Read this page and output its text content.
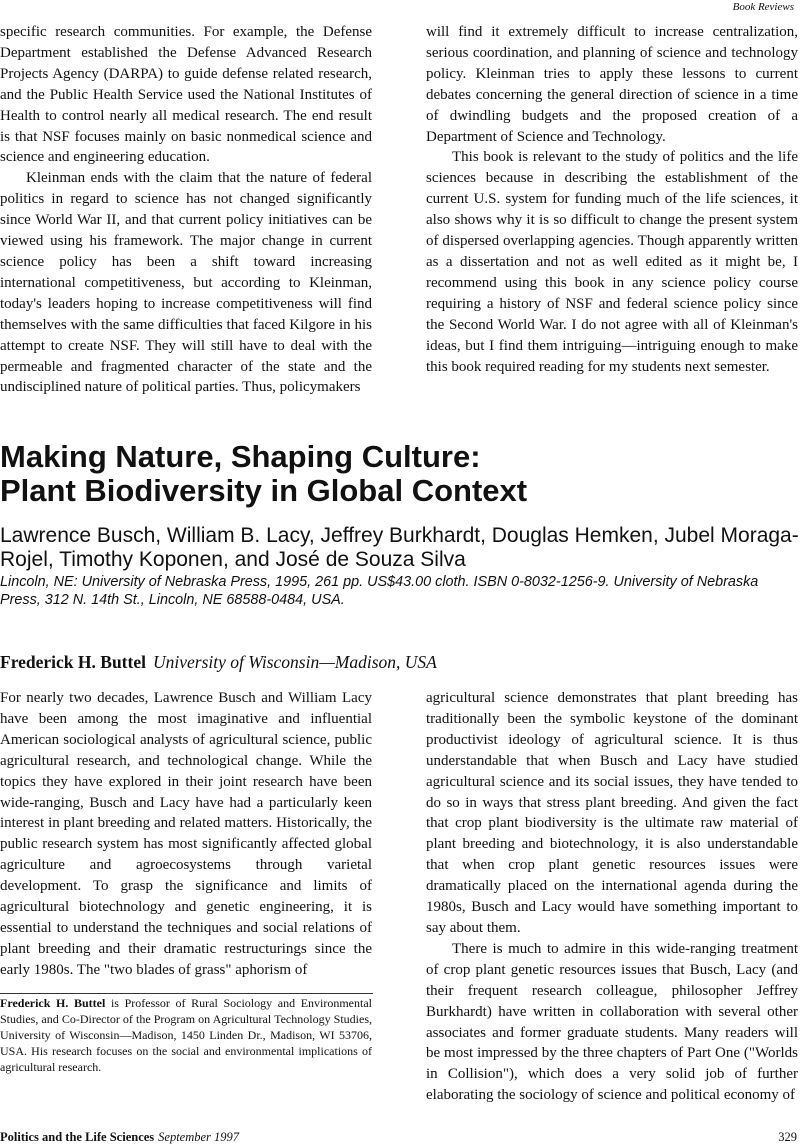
Book Reviews

specific research communities. For example, the Defense Department established the Defense Advanced Research Projects Agency (DARPA) to guide defense related research, and the Public Health Service used the National Institutes of Health to control nearly all medical research. The end result is that NSF focuses mainly on basic nonmedical science and science and engineering education.

Kleinman ends with the claim that the nature of federal politics in regard to science has not changed significantly since World War II, and that current policy initiatives can be viewed using his framework. The major change in current science policy has been a shift toward increasing international competitiveness, but according to Kleinman, today's leaders hoping to increase competitiveness will find themselves with the same difficulties that faced Kilgore in his attempt to create NSF. They will still have to deal with the permeable and fragmented character of the state and the undisciplined nature of political parties. Thus, policymakers

will find it extremely difficult to increase centralization, serious coordination, and planning of science and technology policy. Kleinman tries to apply these lessons to current debates concerning the general direction of science in a time of dwindling budgets and the proposed creation of a Department of Science and Technology.

This book is relevant to the study of politics and the life sciences because in describing the establishment of the current U.S. system for funding much of the life sciences, it also shows why it is so difficult to change the present system of dispersed overlapping agencies. Though apparently written as a dissertation and not as well edited as it might be, I recommend using this book in any science policy course requiring a history of NSF and federal science policy since the Second World War. I do not agree with all of Kleinman's ideas, but I find them intriguing—intriguing enough to make this book required reading for my students next semester.

Making Nature, Shaping Culture:
Plant Biodiversity in Global Context

Lawrence Busch, William B. Lacy, Jeffrey Burkhardt, Douglas Hemken, Jubel Moraga-Rojel, Timothy Koponen, and José de Souza Silva

Lincoln, NE: University of Nebraska Press, 1995, 261 pp. US$43.00 cloth. ISBN 0-8032-1256-9. University of Nebraska Press, 312 N. 14th St., Lincoln, NE 68588-0484, USA.

Frederick H. Buttel University of Wisconsin—Madison, USA

For nearly two decades, Lawrence Busch and William Lacy have been among the most imaginative and influential American sociological analysts of agricultural science, public agricultural research, and technological change. While the topics they have explored in their joint research have been wide-ranging, Busch and Lacy have had a particularly keen interest in plant breeding and related matters. Historically, the public research system has most significantly affected global agriculture and agroecosystems through varietal development. To grasp the significance and limits of agricultural biotechnology and genetic engineering, it is essential to understand the techniques and social relations of plant breeding and their dramatic restructurings since the early 1980s. The "two blades of grass" aphorism of

Frederick H. Buttel is Professor of Rural Sociology and Environmental Studies, and Co-Director of the Program on Agricultural Technology Studies, University of Wisconsin—Madison, 1450 Linden Dr., Madison, WI 53706, USA. His research focuses on the social and environmental implications of agricultural research.

agricultural science demonstrates that plant breeding has traditionally been the symbolic keystone of the dominant productivist ideology of agricultural science. It is thus understandable that when Busch and Lacy have studied agricultural science and its social issues, they have tended to do so in ways that stress plant breeding. And given the fact that crop plant biodiversity is the ultimate raw material of plant breeding and biotechnology, it is also understandable that when crop plant genetic resources issues were dramatically placed on the international agenda during the 1980s, Busch and Lacy would have something important to say about them.

There is much to admire in this wide-ranging treatment of crop plant genetic resources issues that Busch, Lacy (and their frequent research colleague, philosopher Jeffrey Burkhardt) have written in collaboration with several other associates and former graduate students. Many readers will be most impressed by the three chapters of Part One ("Worlds in Collision"), which does a very solid job of further elaborating the sociology of science and political economy of

Politics and the Life Sciences September 1997	329
